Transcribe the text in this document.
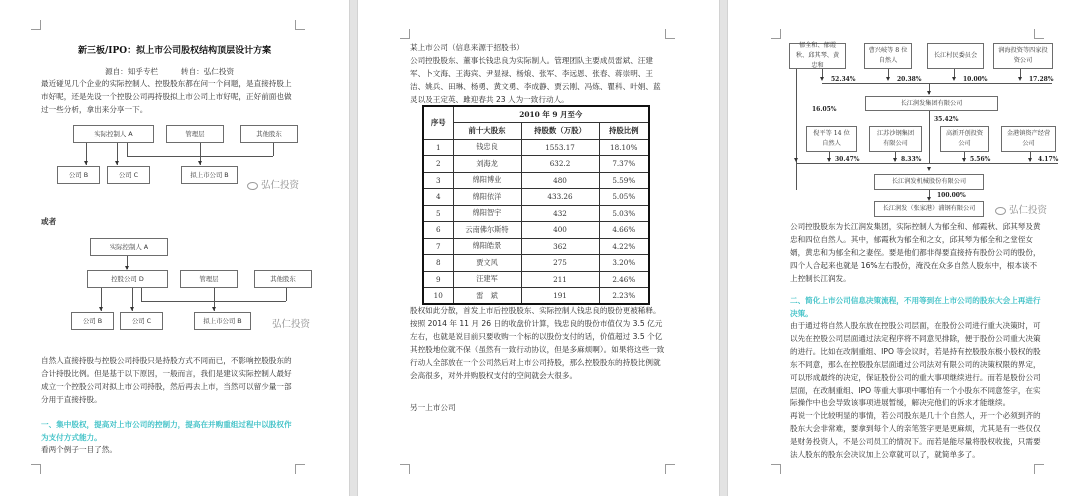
新三板/IPO：拟上市公司股权结构顶层设计方案
源自：知乎专栏　　　转自：弘仁投资
最近碰见几个企业的实际控制人、控股股东都在问一个问题，是直接持股上市好呢，还是先设一个控股公司再持股拟上市公司上市好呢，正好前面也做过一些分析，拿出来分享一下。
实际控制人 A	管理层	其他股东
公司 B	公司 C	拟上市公司 B
弘仁投资
或者
实际控制人 A
控股公司 D	管理层	其他股东
公司 B	公司 C	拟上市公司 B	弘仁投资
自然人直接持股与控股公司持股只是持股方式不同而已，不影响控股股东的合计持股比例。但是基于以下原因，一般而言，我们是建议实际控制人最好成立一个控股公司对拟上市公司持股，然后再去上市，当然可以留少量一部分用于直接持股。
一、集中股权，提高对上市公司的控制力，提高在并购重组过程中以股权作为支付方式能力。
看两个例子一目了然。
某上市公司（信息来源于招股书）
公司控股股东、董事长钱忠良为实际制人。管理团队主要成员雷斌、汪建军、卜文海、王海宾、尹显禄、杨烺、张军、李远恩、张春、蒋崇明、王洁、姚兵、田琳、杨勇、黄文勇、李成静、贾云刚、冯炼、瞿科、叶娟、蓝灵以及王定英、雎迎春共 23 人为一致行动人。
序号	2010 年 9 月至今		
	前十大股东	持股数（万股）	持股比例
1	钱忠良	1553.17	18.10%
2	刘海龙	632.2	7.37%
3	绵阳博业	480	5.59%
4	绵阳依洋	433.26	5.05%
5	绵阳智宇	432	5.03%
6	云南佛尔斯特	400	4.66%
7	绵阳皓景	362	4.22%
8	贾文风	275	3.20%
9	汪建军	211	2.46%
10	雷　斌	191	2.23%
股权如此分散，首发上市后控股股东、实际控制人钱忠良的股份更被稀释。按照 2014 年 11 月 26 日的收盘价计算，钱忠良的股份市值仅为 3.5 亿元左右，也就是说目前只要收购一个标的以股份支付的话，价值超过 3.5 个亿其控股地位就不保（虽然有一致行动协议，但是多麻烦啊）。如果将这些一致行动人全部放在一个公司然后对上市公司持股，那么控股股东的持股比例就会高很多，对外并购股权支付的空间就会大很多。
另一上市公司
郁全和、郁霞秋、邱其琴、黄忠和
曹兴岐等 8 位自然人
长江村民委员会
润海投资等四家投资公司
52.34%	20.38%	10.00%	17.28%
长江润发集团有限公司
16.05%
35.42%
倪平等 14 位自然人
江苏沙钢集团有限公司
高新开创投资公司
金港镇资产经营公司
30.47%	8.33%	5.56%	4.17%
长江润发机械股份有限公司
100.00%
长江润发（张家港）浦钢有限公司	弘仁投资
公司控股股东为长江润发集团，实际控制人为郁全和、郁霞秋、邱其琴及黄忠和四位自然人。其中，郁霞秋为郁全和之女，邱其琴为郁全和之堂侄女婿，黄忠和为郁全和之妻侄。要是他们都非得要直接持有股份公司的股份，四个人合起来也就是 16%左右股份，淹没在众多自然人股东中，根本谈不上控制长江润发。
二、简化上市公司信息决策流程，不用等到在上市公司的股东大会上再进行决策。
由于通过将自然人股东放在控股公司层面，在股份公司进行重大决策时，可以先在控股公司层面通过法定程序将不同意见排除，便于股份公司重大决策的进行。比如在改制重组、IPO 等会议时，若是持有控股股东极小股权的股东不同意，那么在控股股东层面通过公司法对有限公司的决策权限的界定，可以形成最终的决定，保证股份公司的重大事项继续进行。而若是股份公司层面，在改制重组、IPO 等重大事项中哪怕有一个小股东不同意签字，在实际操作中也会导致该事项进展暂缓，解决完他们的诉求才能继续。
再说一个比较明显的事情，若公司股东是几十个自然人，开一个必须到齐的股东大会非常难，要拿到每个人的亲笔签字更是更麻烦，尤其是有一些仅仅是财务投资人，不是公司员工的情况下。而若是能尽量将股权收拢，只需要法人股东的股东会决议加上公章就可以了，就简单多了。
